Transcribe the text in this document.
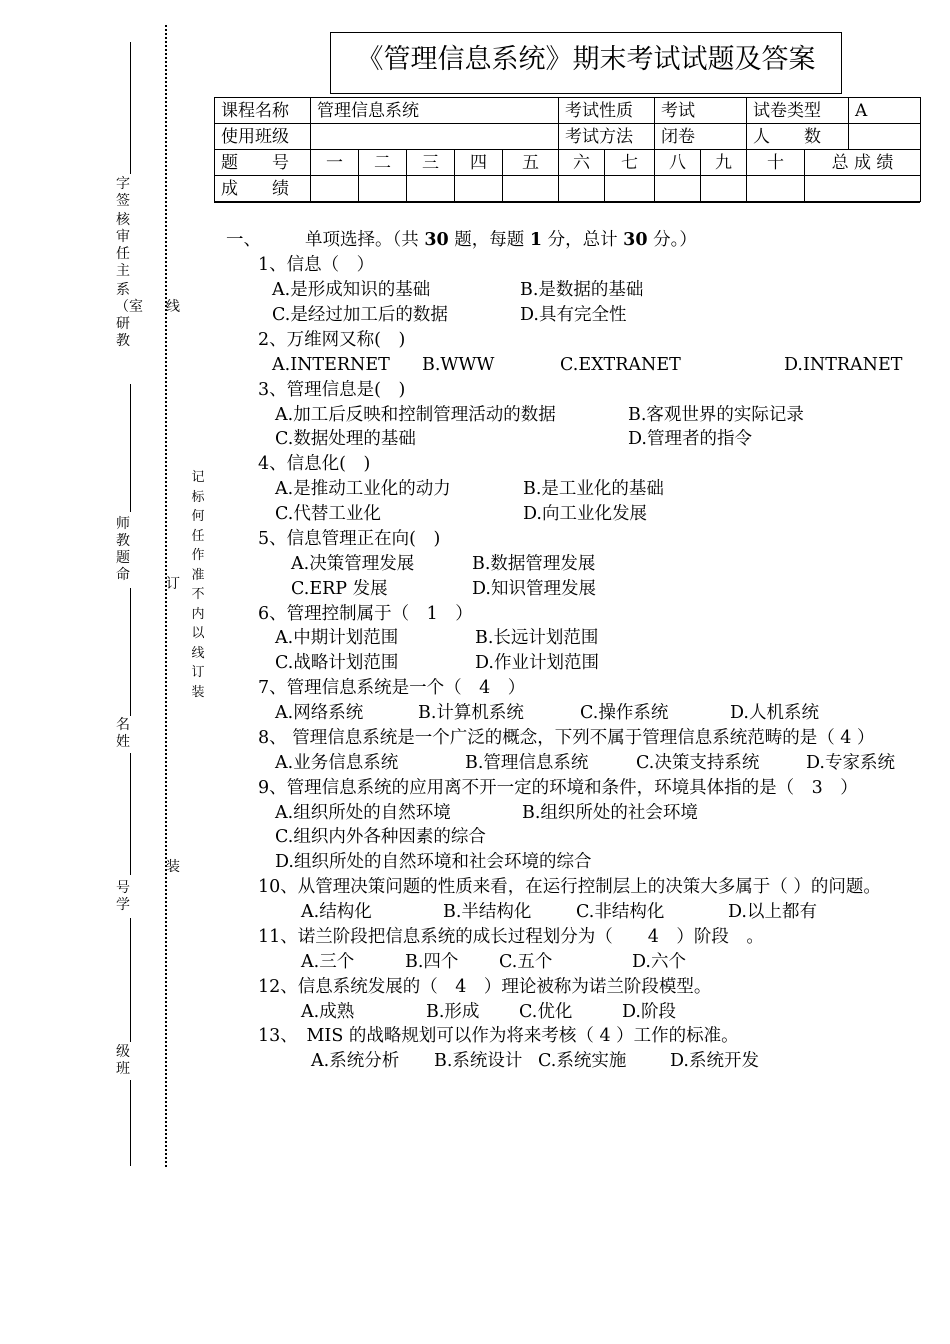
字签
核审任主
系（室研教
师教题命
名姓
号学
级班
线
订
装
记标何任作准不内以线订装
《管理信息系统》期末考试试题及答案
课程名称	管理信息系统					考试性质		考试		试卷类型		A
使用班级						考试方法		闭卷		人　　数		
题　　号	一	二	三	四	五	六	七	八	九	十	总 成 绩	
成　　绩												
一、	单项选择。（共 30 题，每题 1 分，总计 30 分。）
1、信息（　）
A.是形成知识的基础	B.是数据的基础
C.是经过加工后的数据	D.具有完全性
2、万维网又称(　)
A.INTERNET B.WWW	C.EXTRANET	D.INTRANET
3、管理信息是(　)
A.加工后反映和控制管理活动的数据	B.客观世界的实际记录
C.数据处理的基础	D.管理者的指令
4、信息化(　)
A.是推动工业化的动力	B.是工业化的基础
C.代替工业化	D.向工业化发展
5、信息管理正在向(　)
A.决策管理发展	B.数据管理发展
C.ERP 发展	D.知识管理发展
6、管理控制属于（　1　）
A.中期计划范围	B.长远计划范围
C.战略计划范围	D.作业计划范围
7、管理信息系统是一个（　4　）
A.网络系统	B.计算机系统	C.操作系统	D.人机系统
8、 管理信息系统是一个广泛的概念，下列不属于管理信息系统范畴的是（ 4 ）
A.业务信息系统	B.管理信息系统	C.决策支持系统	D.专家系统
9、管理信息系统的应用离不开一定的环境和条件，环境具体指的是（　3　）
A.组织所处的自然环境	B.组织所处的社会环境
C.组织内外各种因素的综合
D.组织所处的自然环境和社会环境的综合
10、从管理决策问题的性质来看，在运行控制层上的决策大多属于（ ）的问题。
A.结构化	B.半结构化	C.非结构化	D.以上都有
11、诺兰阶段把信息系统的成长过程划分为（　　4　）阶段　。
A.三个	B.四个 C.五个	D.六个
12、信息系统发展的（　4　）理论被称为诺兰阶段模型。
A.成熟	B.形成 C.优化	D.阶段
13、　MIS 的战略规划可以作为将来考核（ 4 ）工作的标准。
A.系统分析 B.系统设计 C.系统实施 D.系统开发
